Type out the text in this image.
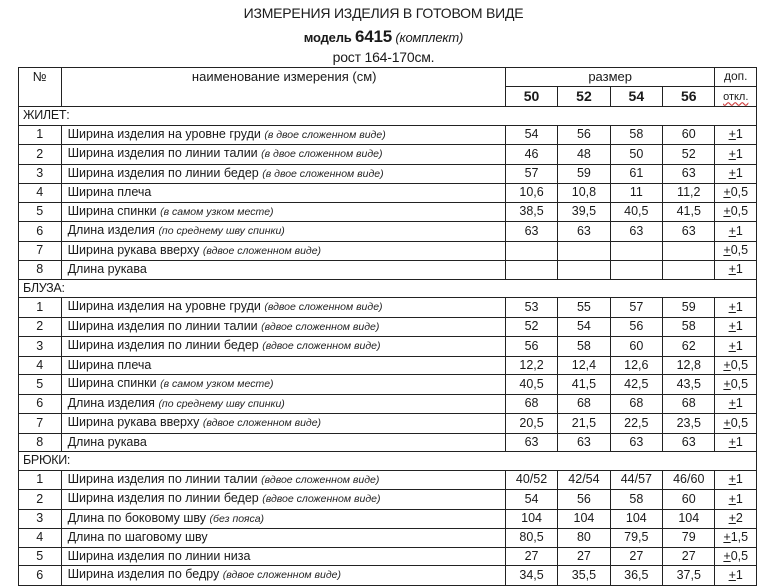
ИЗМЕРЕНИЯ ИЗДЕЛИЯ В ГОТОВОМ ВИДЕ
модель 6415 (комплект)
рост 164-170см.
№	наименование измерения (см)	размер				доп.
		50	52	54	56	откл.
ЖИЛЕТ:						
1	Ширина изделия на уровне груди (в двое сложенном виде)	54	56	58	60	+1
2	Ширина изделия по линии талии (в двое сложенном виде)	46	48	50	52	+1
3	Ширина изделия по линии бедер (в двое сложенном виде)	57	59	61	63	+1
4	Ширина плеча	10,6	10,8	11	11,2	+0,5
5	Ширина спинки (в самом узком месте)	38,5	39,5	40,5	41,5	+0,5
6	Длина изделия (по среднему шву спинки)	63	63	63	63	+1
7	Ширина рукава вверху (вдвое сложенном виде)					+0,5
8	Длина рукава					+1
БЛУЗА:						
1	Ширина изделия на уровне груди (вдвое сложенном виде)	53	55	57	59	+1
2	Ширина изделия по линии талии (вдвое сложенном виде)	52	54	56	58	+1
3	Ширина изделия по линии бедер (вдвое сложенном виде)	56	58	60	62	+1
4	Ширина плеча	12,2	12,4	12,6	12,8	+0,5
5	Ширина спинки (в самом узком месте)	40,5	41,5	42,5	43,5	+0,5
6	Длина изделия (по среднему шву спинки)	68	68	68	68	+1
7	Ширина рукава вверху (вдвое сложенном виде)	20,5	21,5	22,5	23,5	+0,5
8	Длина рукава	63	63	63	63	+1
БРЮКИ:						
1	Ширина изделия по линии талии (вдвое сложенном виде)	40/52	42/54	44/57	46/60	+1
2	Ширина изделия по линии бедер (вдвое сложенном виде)	54	56	58	60	+1
3	Длина по боковому шву (без пояса)	104	104	104	104	+2
4	Длина по шаговому шву	80,5	80	79,5	79	+1,5
5	Ширина изделия по линии низа	27	27	27	27	+0,5
6	Ширина изделия по бедру (вдвое сложенном виде)	34,5	35,5	36,5	37,5	+1
